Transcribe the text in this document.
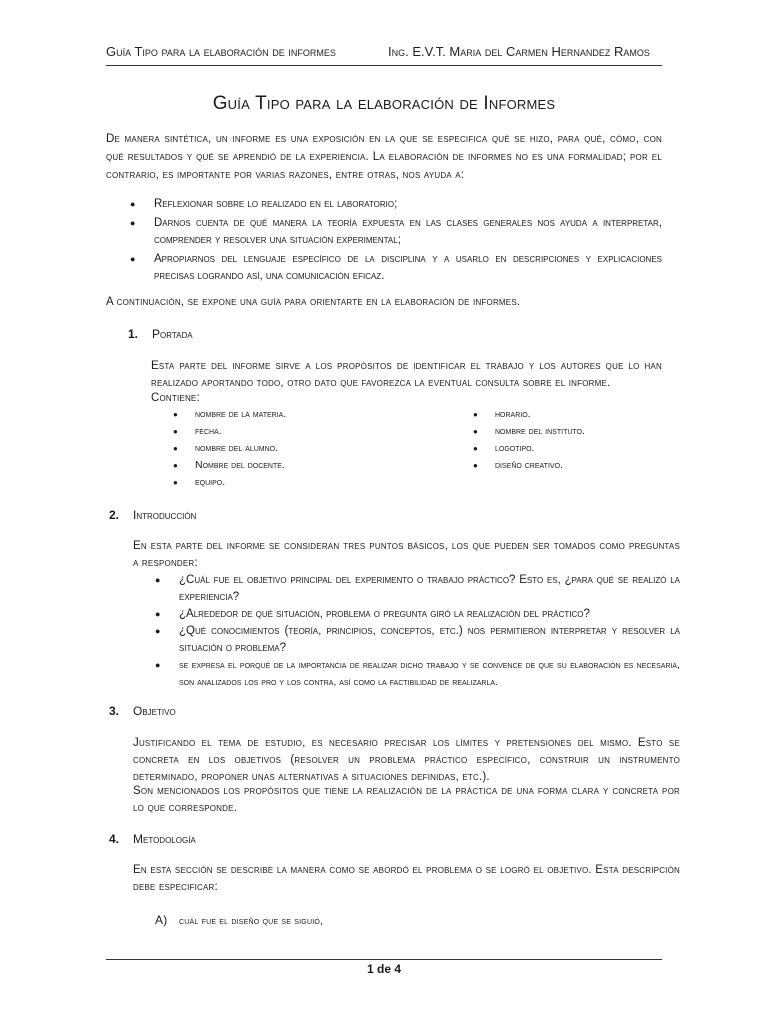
Guía Tipo para la elaboración de informes	Ing. E.V.T. Maria del Carmen Hernandez Ramos
Guía Tipo para la elaboración de Informes
De manera sintética, un informe es una exposición en la que se especifica qué se hizo, para qué, cómo, con qué resultados y qué se aprendió de la experiencia. La elaboración de informes no es una formalidad; por el contrario, es importante por varias razones, entre otras, nos ayuda a:
● Reflexionar sobre lo realizado en el laboratorio;
● Darnos cuenta de qué manera la teoría expuesta en las clases generales nos ayuda a interpretar, comprender y resolver una situación experimental;
● Apropiarnos del lenguaje específico de la disciplina y a usarlo en descripciones y explicaciones precisas logrando así, una comunicación eficaz.
A continuación, se expone una guía para orientarte en la elaboración de informes.
1. Portada
Esta parte del informe sirve a los propósitos de identificar el trabajo y los autores que lo han realizado aportando todo, otro dato que favorezca la eventual consulta sobre el informe.
Contiene:
● nombre de la materia.
● fecha.
● nombre del alumno.
● Nombre del docente.
● equipo.
● horario.
● nombre del instituto.
● logotipo.
● diseño creativo.
2. Introducción
En esta parte del informe se consideran tres puntos básicos, los que pueden ser tomados como preguntas a responder:
● ¿Cuál fue el objetivo principal del experimento o trabajo práctico? Esto es, ¿para qué se realizó la experiencia?
● ¿Alrededor de qué situación, problema o pregunta giró la realización del práctico?
● ¿Qué conocimientos (teoría, principios, conceptos, etc.) nos permitieron interpretar y resolver la situación o problema?
● se expresa el porqué de la importancia de realizar dicho trabajo y se convence de que su elaboración es necesaria, son analizados los pro y los contra, así como la factibilidad de realizarla.
3. Objetivo
Justificando el tema de estudio, es necesario precisar los límites y pretensiones del mismo. Esto se concreta en los objetivos (resolver un problema práctico específico, construir un instrumento determinado, proponer unas alternativas a situaciones definidas, etc.).
Son mencionados los propósitos que tiene la realización de la práctica de una forma clara y concreta por lo que corresponde.
4. Metodología
En esta sección se describe la manera como se abordó el problema o se logró el objetivo. Esta descripción debe especificar:
A) cuál fue el diseño que se siguió,
1 de 4
